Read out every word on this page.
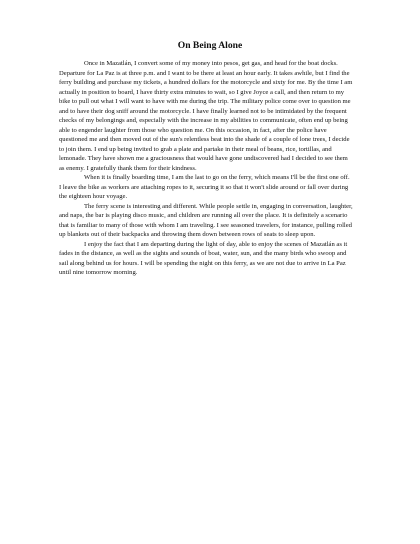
On Being Alone

Once in Mazatlán, I convert some of my money into pesos, get gas, and head for the boat docks. Departure for La Paz is at three p.m. and I want to be there at least an hour early. It takes awhile, but I find the ferry building and purchase my tickets, a hundred dollars for the motorcycle and sixty for me. By the time I am actually in position to board, I have thirty extra minutes to wait, so I give Joyce a call, and then return to my bike to pull out what I will want to have with me during the trip. The military police come over to question me and to have their dog sniff around the motorcycle. I have finally learned not to be intimidated by the frequent checks of my belongings and, especially with the increase in my abilities to communicate, often end up being able to engender laughter from those who question me. On this occasion, in fact, after the police have questioned me and then moved out of the sun's relentless beat into the shade of a couple of lone trees, I decide to join them. I end up being invited to grab a plate and partake in their meal of beans, rice, tortillas, and lemonade. They have shown me a graciousness that would have gone undiscovered had I decided to see them as enemy. I gratefully thank them for their kindness.

When it is finally boarding time, I am the last to go on the ferry, which means I'll be the first one off. I leave the bike as workers are attaching ropes to it, securing it so that it won't slide around or fall over during the eighteen hour voyage.

The ferry scene is interesting and different. While people settle in, engaging in conversation, laughter, and naps, the bar is playing disco music, and children are running all over the place. It is definitely a scenario that is familiar to many of those with whom I am traveling. I see seasoned travelers, for instance, pulling rolled up blankets out of their backpacks and throwing them down between rows of seats to sleep upon.

I enjoy the fact that I am departing during the light of day, able to enjoy the scenes of Mazatlán as it fades in the distance, as well as the sights and sounds of boat, water, sun, and the many birds who swoop and sail along behind us for hours. I will be spending the night on this ferry, as we are not due to arrive in La Paz until nine tomorrow morning.
